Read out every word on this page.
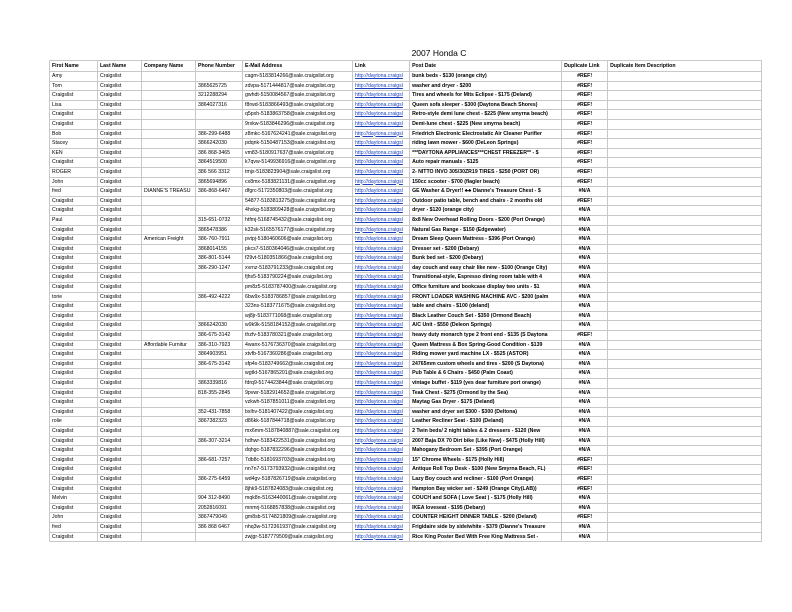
						2007 Honda C		
First Name	Last Name	Company Name	Phone Number	E-Mail Address	Link	Post Date	Duplicate Link	Duplicate Item Description
Amy	Craigslist			cagm-5183814266@sale.craigslist.org	http://daytona.craigsl	bunk beds - $130 (orange city)	#REF!	
Tom	Craigslist		3865625725	zdvpa-5171444817@sale.craigslist.org	http://daytona.craigsl	washer and dryer - $200	#REF!	
Craigslist	Craigslist		3212288294	gwhdt-5150084567@sale.craigslist.org	http://daytona.craigsl	Tires and wheels for Mits Eclipse - $175 (Deland)	#REF!	
Lisa	Craigslist		3864027316	f8rwd-5183866493@sale.craigslist.org	http://daytona.craigsl	Queen sofa sleeper - $300 (Daytona Beach Shores)	#REF!	
Craigslist	Craigslist			q5pxh-5183863758@sale.craigslist.org	http://daytona.craigsl	Retro-style demi lune chest - $225 (New smyrna beach)	#REF!	
Craigslist	Craigslist			9rxkw-5183846296@sale.craigslist.org	http://daytona.craigsl	Demi-lune chest - $225 (New smyrna beach)	#REF!	
Bob	Craigslist		386-299-6488	z8mkc-5167624241@sale.craigslist.org	http://daytona.craigsl	Friedrich Electronic Electrostatic Air Cleaner Purifier	#REF!	
Stacey	Craigslist		3866242030	pdqnk-5150487153@sale.craigslist.org	http://daytona.craigsl	riding lawn mower - $600 (DeLeon Springs)	#REF!	
KEN	Craigslist		386 868-3465	vm83-5180917637@sale.craigslist.org	http://daytona.craigsl	***DAYTONA APPLIANCES***CHEST FREEZER** - $	#REF!	
Craigslist	Craigslist		3864519500	k7qvw-5149936916@sale.craigslist.org	http://daytona.craigsl	Auto repair manuals - $125	#REF!	
ROGER	Craigslist		386 566 3312	tmjx-5183823904@sale.craigslist.org	http://daytona.craigsl	2- NITTO INVO 305/30ZR19 TIRES - $250 (PORT OR)	#REF!	
John	Craigslist		3865694896	cx8mx-5183821131@sale.craigslist.org	http://daytona.craigsl	150cc scooter - $700 (flagler beach)	#REF!	
fred	Craigslist	DIANNE'S TREASU	386-868-6467	dfgrc-5172350803@sale.craigslist.org	http://daytona.craigsl	GE Washer & Dryer!! ♣♣ Dianne's Treasure Chest - $	#N/A	
Craigslist	Craigslist			54877-5183813275@sale.craigslist.org	http://daytona.craigsl	Outdoor patio table, bench and chairs - 2 months old	#REF!	
Craigslist	Craigslist			4hxkg-5183809428@sale.craigslist.org	http://daytona.craigsl	dryer - $120 (orange city)	#N/A	
Paul	Craigslist		315-651-0732	htfmj-5168745432@sale.craigslist.org	http://daytona.craigsl	8x8 New Overhead Rolling Doors - $200 (Port Orange)	#N/A	
Craigslist	Craigslist		3865478386	k32sk-5165576177@sale.craigslist.org	http://daytona.craigsl	Natural Gas Range - $150 (Edgewater)	#N/A	
Craigslist	Craigslist	American Freight	386-760-7911	pvtpj-5180460606@sale.craigslist.org	http://daytona.craigsl	Dream Sleep Queen Mattress - $396 (Port Orange)	#N/A	
Craigslist	Craigslist		3868014155	pkcs7-5180364046@sale.craigslist.org	http://daytona.craigsl	Dresser set - $200 (Debary)	#N/A	
Craigslist	Craigslist		386-801-5144	f29vt-5180351866@sale.craigslist.org	http://daytona.craigsl	Bunk bed set - $200 (Debary)	#N/A	
Craigslist	Craigslist		386-290-1247	xvrnz-5183791233@sale.craigslist.org	http://daytona.craigsl	day couch and easy chair like new - $100 (Orange City)	#N/A	
Craigslist	Craigslist			fjhs5-5183790224@sale.craigslist.org	http://daytona.craigsl	Transitional-style, Espresso dining room table with 4	#N/A	
Craigslist	Craigslist			pm8z5-5183787400@sale.craigslist.org	http://daytona.craigsl	Office furniture and bookcase display two units - $1	#N/A	
torie	Craigslist		386-492-4222	6bw9x-5183786857@sale.craigslist.org	http://daytona.craigsl	FRONT LOADER WASHING MACHINE AVC - $200 (palm	#N/A	
Craigslist	Craigslist			323ns-5183771675@sale.craigslist.org	http://daytona.craigsl	table and chairs - $100 (deland)	#N/A	
Craigslist	Craigslist			wj8jr-5183771068@sale.craigslist.org	http://daytona.craigsl	Black Leather Couch Set - $350 (Ormond Beach)	#N/A	
Craigslist	Craigslist		3866242030	w9k9k-5158184152@sale.craigslist.org	http://daytona.craigsl	A/C Unit - $550 (Deleon Springs)	#N/A	
Craigslist	Craigslist		386-675-3142	thzfv-5183780321@sale.craigslist.org	http://daytona.craigsl	heavy duty monarch type 2 front end - $135 (S Daytona	#REF!	
Craigslist	Craigslist	Affordable Furnitur	386-310-7923	4wanx-5176736370@sale.craigslist.org	http://daytona.craigsl	Queen Mattress & Box Spring-Good Condition - $139	#N/A	
Craigslist	Craigslist		3864903951	xtvfb-5167360286@sale.craigslist.org	http://daytona.craigsl	Riding mower yard machine LX - $525 (ASTOR)	#N/A	
Craigslist	Craigslist		386-675-3142	sfp4x-5183749662@sale.craigslist.org	http://daytona.craigsl	24765mm custom wheels and tires - $200 (S Daytona)	#N/A	
Craigslist	Craigslist			wgtkt-5167865201@sale.craigslist.org	http://daytona.craigsl	Pub Table & 6 Chairs - $450 (Palm Coast)	#N/A	
Craigslist	Craigslist		3863339816	fdrq9-5174423844@sale.craigslist.org	http://daytona.craigsl	vintage buffet - $119 (yes dear furniture port orange)	#N/A	
Craigslist	Craigslist		818-355-2845	9pvwr-5182914652@sale.craigslist.org	http://daytona.craigsl	Teak Chest - $275 (Ormond by the Sea)	#N/A	
Craigslist	Craigslist			vzkwh-5187851011@sale.craigslist.org	http://daytona.craigsl	Maytag Gas Dryer - $175 (Deland)	#N/A	
Craigslist	Craigslist		352-431-7858	bxlhv-5181407422@sale.craigslist.org	http://daytona.craigsl	washer and dryer set $300 - $300 (Deltona)	#N/A	
rolie	Craigslist		3867382323	d86kk-5187844718@sale.craigslist.org	http://daytona.craigsl	Leather Recliner Seat - $100 (Deland)	#N/A	
Craigslist	Craigslist			mx6mm-5187840887@sale.craigslist.org	http://daytona.craigsl	2 Twin beds/ 2 night tables & 2 dressers - $120 (New	#N/A	
Craigslist	Craigslist		386-307-3214	hdhwr-5183422531@sale.craigslist.org	http://daytona.craigsl	2007 Baja DX 70 Dirt bike (Like New) - $475 (Holly Hill)	#N/A	
Craigslist	Craigslist			dqhgc-5187832296@sale.craigslist.org	http://daytona.craigsl	Mahogany Bedroom Set - $395 (Port Orange)	#N/A	
Craigslist	Craigslist		386-681-7257	7db8c-5181693703@sale.craigslist.org	http://daytona.craigsl	15" Chrome Wheels - $175 (Holly Hill)	#REF!	
Craigslist	Craigslist			nn7n7-5173793932@sale.craigslist.org	http://daytona.craigsl	Antique Roll Top Desk - $100 (New Smyrna Beach, FL)	#REF!	
Craigslist	Craigslist		386-275-6459	wd4gv-5187826719@sale.craigslist.org	http://daytona.craigsl	Lazy Boy couch and recliner - $100 (Port Orange)	#REF!	
Craigslist	Craigslist			8jhk9-5187824083@sale.craigslist.org	http://daytona.craigsl	Hampton Bay wicker set - $249 (Orange City(LAB))	#REF!	
Melvin	Craigslist		904 312-8490	mqk8n-5163440061@sale.craigslist.org	http://daytona.craigsl	COUCH and SOFA ( Love Seat ) - $175 (Holly Hill)	#N/A	
Craigslist	Craigslist		2052816091	mnmrj-5168857838@sale.craigslist.org	http://daytona.craigsl	IKEA loveseat - $195 (Debary)	#N/A	
John	Craigslist		3867479049	gm8sb-5174821809@sale.craigslist.org	http://daytona.craigsl	COUNTER HEIGHT DINNER TABLE - $200 (Deland)	#REF!	
fred	Craigslist		386 868 6467	nhq3w-5172361937@sale.craigslist.org	http://daytona.craigsl	Frigidaire side by side/white - $379 (Dianne's Treasure	#N/A	
Craigslist	Craigslist			zwjgr-5187779509@sale.craigslist.org	http://daytona.craigsl	Rice King Poster Bed With Free King Mattress Set -	#N/A	
